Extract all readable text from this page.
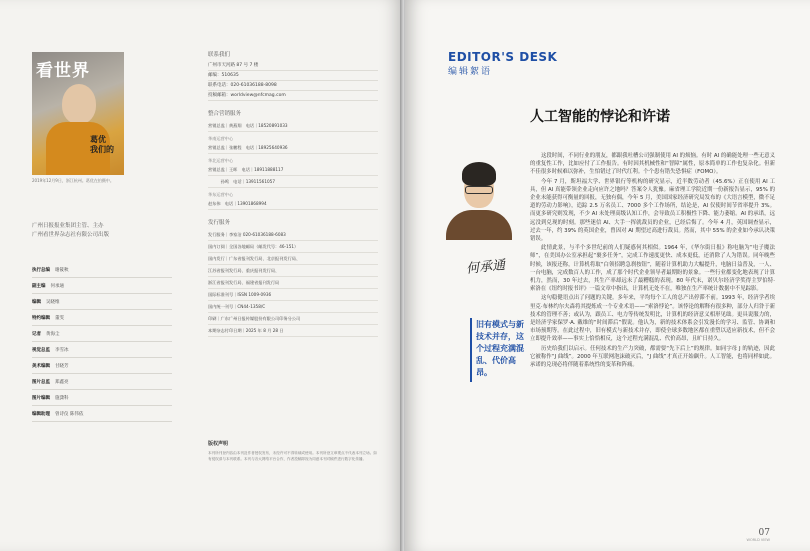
看世界
葛优
我们的
2019年12月9日，浙江杭州。葛优在拍摄中。
广州日报报业集团主管、主办
广州看世界杂志社有限公司出版
执行总编 谢筱秋
副主编 何承通
编辑 吴晓维
特约编辑 董雯
记者 黄海尘
视觉总监 李雪冰
美术编辑 甘晓芳
图片总监 郑鑫亮
图片编辑 施潇科
编辑助理 曾诗仪 陈伟依
联系我们
广州市天河路 87 号 7 楼
邮编：510635
联系电话：020-61036188-8098
投稿邮箱：worldview@nfcmag.com
整合营销服务
营销总监｜黄燕翔　电话｜18520891033
华南运营中心
营销总监｜张鹏程　电话｜18925640936
华北运营中心
营销总监｜王晖　电话｜18911888117
　　　孙鸣　电话｜13911561057
华东运营中心
赵东伟　电话｜13901868994
发行服务
发行服务｜李家洁 020-61036188-6083
国内订阅｜全国各地邮局（邮发代号：46-151）
国内发行｜广东省报刊发行局、北京报刊发行局、
江苏省报刊发行局、重庆报刊发行局、
浙江省报刊发行局、福建省报刊发行局
国际标准刊号｜ISSN 1009-0936
国内统一刊号｜CN44-1358/C
印刷｜广东广州日报传媒股份有限公司印务分公司
本期杂志付印日期｜2025 年 8 月 28 日
版权声明
本刊所刊登内容由本刊及作者授权发布，未经许可不得转载或使用。本刊所登文章观点不代表本刊立场。如有侵权请与本刊联系。本刊与各大网络平台合作，作者投稿即视为同意本刊对稿件进行数字化传播。
EDITOR'S DESK
编辑絮语
人工智能的悖论和许诺
何承通
旧有模式与新技术并存，这个过程充满混乱、代价高昂。

这段时间，不同行业的朋友，都跟我吐槽公司强制使用 AI 的烦恼。有时 AI 的确能处理一些无意义的重复性工作，比如应付了工作报告。有时因其机械性和“智障”属性，原本简单的工作也复杂化。但新不佳很多时候难以弥补，生怕错过了时代红利。个个患有错失恐惧症（FOMO）。

今年 7 月，斯坦福大学、世界银行等机构的研究显示，近半数劳动者（45.6%）正在使用 AI 工具，但 AI 真能带领企业走向应许之地吗？答案令人犹豫。麻省理工学院近期一份新报告显示，95% 的企业未能获得可衡量的回报，无独有偶，今年 5 月，美国国家经济研究局发布的《大语言模型，微不足道的劳动力影响》，追踪 2.5 万名员工、7000 多个工作场所，结论是，AI 仅使时间节省率提升 3%。而更多研究则发现，不少 AI 未处理高级认知工作，会导致员工积极性下降、能力萎缩。AI 的承诺，远远没到兑现的时刻。那些迷信 AI、大手一挥就裁员的企业，已经后悔了。今年 4 月，英国调查显示，过去一年，约 39% 的英国企业，曾因对 AI 期望过高进行裁员。然而，其中 55% 的企业如今承认决策错误。

此情此景，与半个多世纪前的人们疑惑何其相似。1964 年，《华尔街日报》称电脑为“电子魔法师”，在美国办公室承担起“裹多任务”，完成工作速度更快、成本更低，还消除了人为错误。同年晚些时候，该报还称，计算机将取“白领招聘急刹按钮”，随着计算机助力大幅提升，电脑日益普及，一人、一台电脑，完成数百人的工作，成了那个时代企业领导者最期盼的景象。一些行业都变化地表现了计算机力，然而，30 年过去，其生产率却远未了最糟糕的表现。80 年代末，诺贝尔经济学奖得主罗伯特·索洛在《纽约时报书评》一篇文章中指出，计算机无处不在，唯独在生产率统计数据中不见踪影。

这句稳健语点出了问题的关键。多年来，平均每个工人的总产出停滞不前。1993 年，经济学者埃里克·布林约尔夫森将其提炼成一个专业术语——“索洛悖论”。该悖论的解释有很多种，部分人归咎于新技术的管理不善；或认为，跟员工、电力等传统发明比，计算机的经济意义相形见绌。更具说服力的，是经济学家保罗·A. 戴维的“时间滞后”假说。他认为，新的技术体系会引发漫长的学习、监管、协调和市场预期等。在此过程中，旧有模式与新技术并存，即使全球多数地区都在重塑以适应新技术，但不会立即提升效率——事实上恰恰相反，这个过程充满混乱、代价高昂，且旷日持久。

历史给我们以启示。任何技术的生产力突破，都需要“先下后上”的规律。如同字母 J 的轨迹，因此它被称作“J 曲线”。2000 年互联网泡沫破灭后，“J 曲线”才真正开始飙升。人工智能，也将同样如此。承诺的兑现必将伴随着系统性的变革和阵痛。

07
WORLD VIEW
